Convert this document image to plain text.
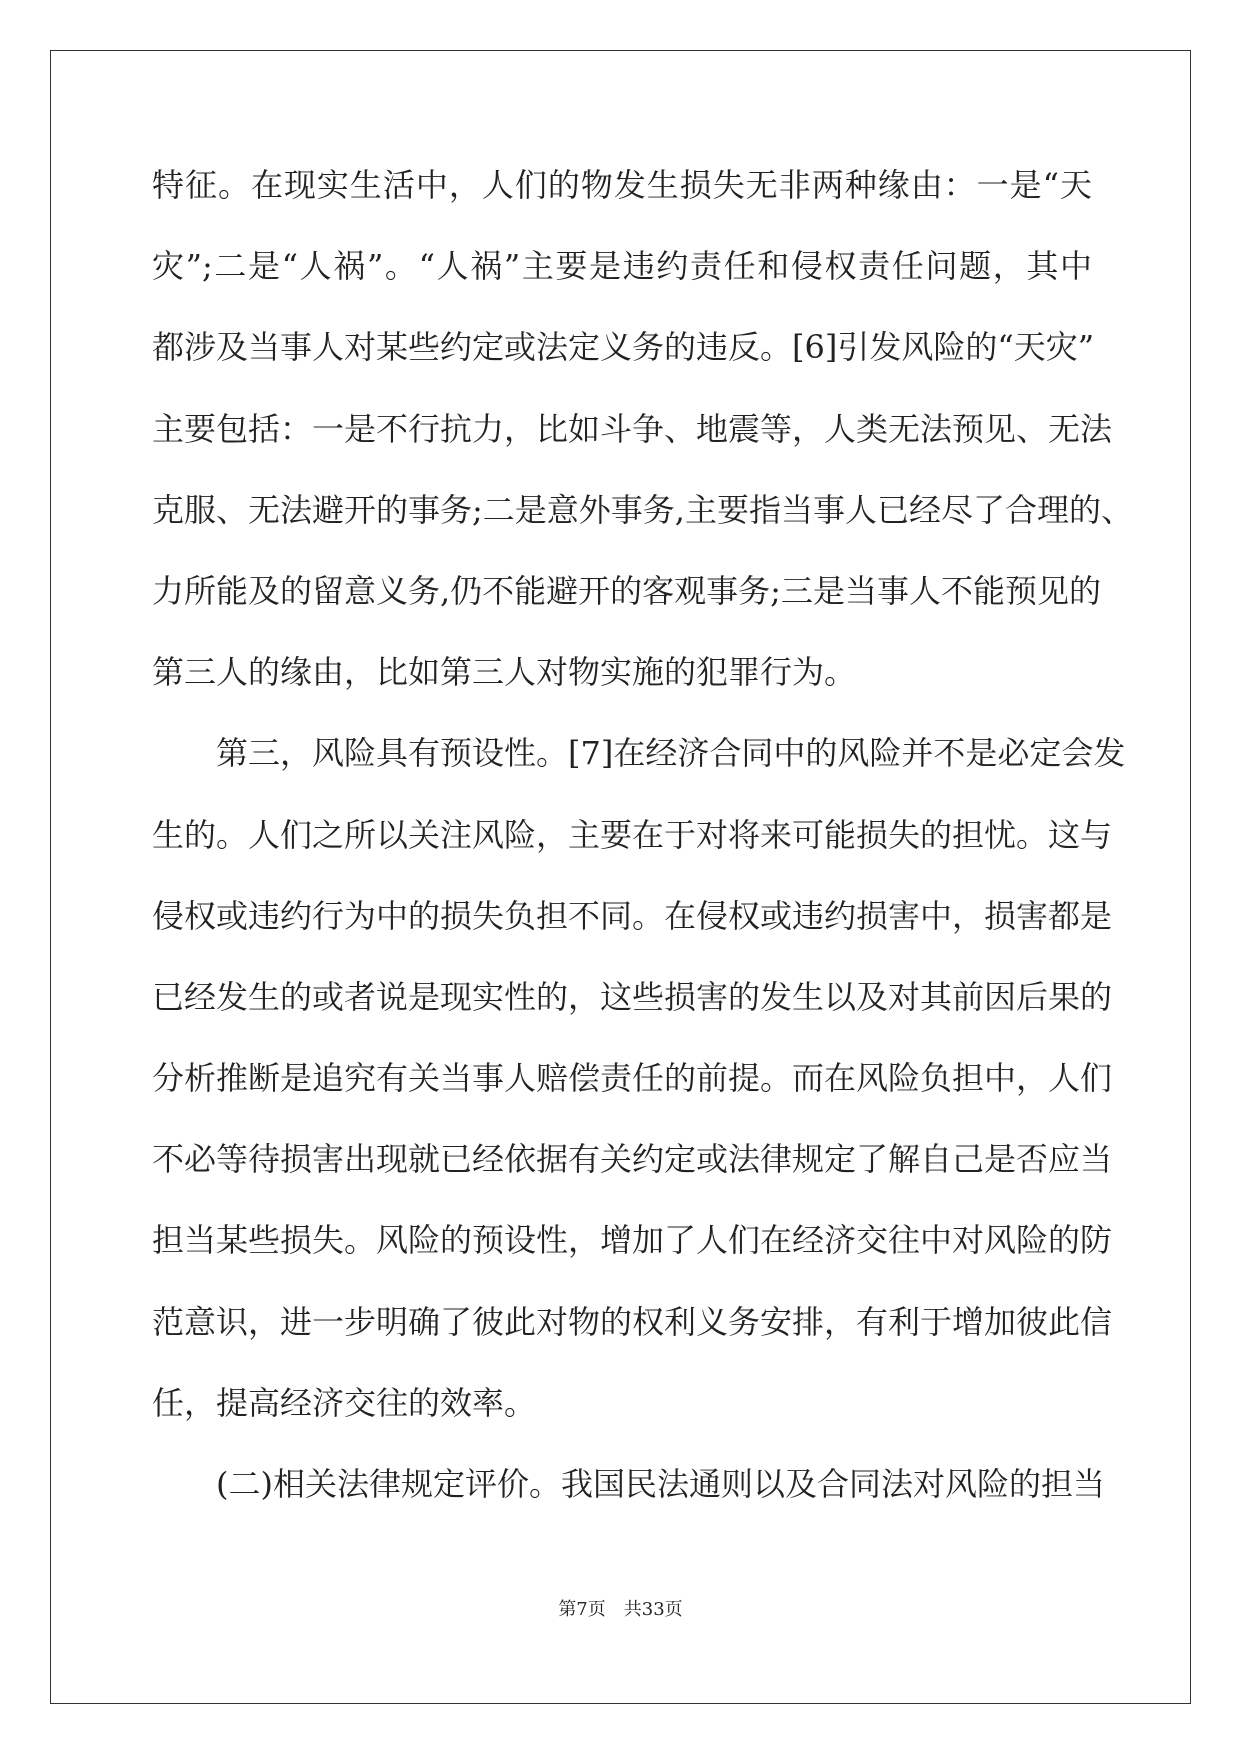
特征。在现实生活中，人们的物发生损失无非两种缘由：一是“天
灾”;二是“人祸”。“人祸”主要是违约责任和侵权责任问题，其中
都涉及当事人对某些约定或法定义务的违反。[6]引发风险的“天灾”
主要包括：一是不行抗力，比如斗争、地震等，人类无法预见、无法
克服、无法避开的事务;二是意外事务,主要指当事人已经尽了合理的、
力所能及的留意义务,仍不能避开的客观事务;三是当事人不能预见的
第三人的缘由，比如第三人对物实施的犯罪行为。
第三，风险具有预设性。[7]在经济合同中的风险并不是必定会发
生的。人们之所以关注风险，主要在于对将来可能损失的担忧。这与
侵权或违约行为中的损失负担不同。在侵权或违约损害中，损害都是
已经发生的或者说是现实性的，这些损害的发生以及对其前因后果的
分析推断是追究有关当事人赔偿责任的前提。而在风险负担中，人们
不必等待损害出现就已经依据有关约定或法律规定了解自己是否应当
担当某些损失。风险的预设性，增加了人们在经济交往中对风险的防
范意识，进一步明确了彼此对物的权利义务安排，有利于增加彼此信
任，提高经济交往的效率。
(二)相关法律规定评价。我国民法通则以及合同法对风险的担当
第7页 共33页
